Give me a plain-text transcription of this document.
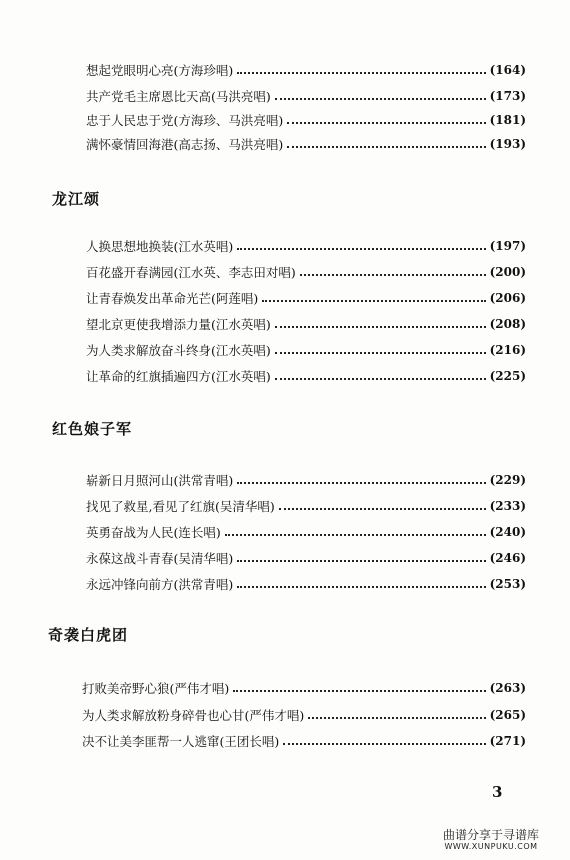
想起党眼明心亮(方海珍唱)	(164)
共产党毛主席恩比天高(马洪亮唱)	(173)
忠于人民忠于党(方海珍、马洪亮唱)	(181)
满怀豪情回海港(高志扬、马洪亮唱)	(193)
龙江颂
人换思想地换装(江水英唱)	(197)
百花盛开春满园(江水英、李志田对唱)	(200)
让青春焕发出革命光芒(阿莲唱)	(206)
望北京更使我增添力量(江水英唱)	(208)
为人类求解放奋斗终身(江水英唱)	(216)
让革命的红旗插遍四方(江水英唱)	(225)
红色娘子军
崭新日月照河山(洪常青唱)	(229)
找见了救星,看见了红旗(吴清华唱)	(233)
英勇奋战为人民(连长唱)	(240)
永葆这战斗青春(吴清华唱)	(246)
永远冲锋向前方(洪常青唱)	(253)
奇袭白虎团
打败美帝野心狼(严伟才唱)	(263)
为人类求解放粉身碎骨也心甘(严伟才唱)	(265)
决不让美李匪帮一人逃窜(王团长唱)	(271)
3
曲谱分享于寻谱库
WWW.XUNPUKU.COM
